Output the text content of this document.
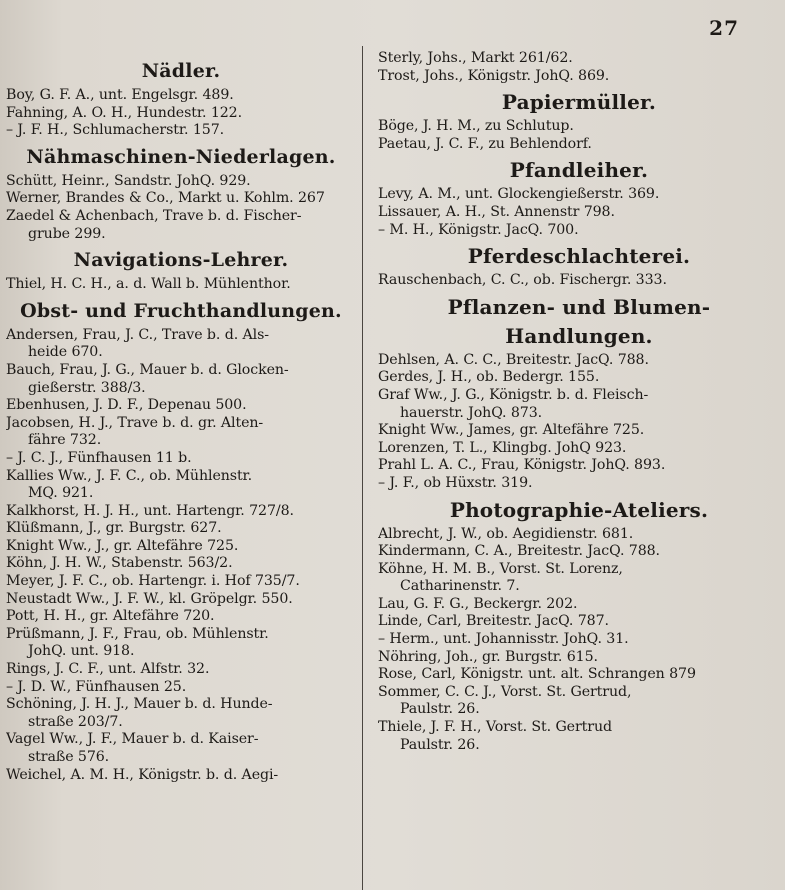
27
Nädler.
Boy, G. F. A., unt. Engelsgr. 489.
Fahning, A. O. H., Hundestr. 122.
– J. F. H., Schlumacherstr. 157.
Nähmaschinen-Niederlagen.
Schütt, Heinr., Sandstr. JohQ. 929.
Werner, Brandes & Co., Markt u. Kohlm. 267
Zaedel & Achenbach, Trave b. d. Fischer-
grube 299.
Navigations-Lehrer.
Thiel, H. C. H., a. d. Wall b. Mühlenthor.
Obst- und Fruchthandlungen.
Andersen, Frau, J. C., Trave b. d. Als-
heide 670.
Bauch, Frau, J. G., Mauer b. d. Glocken-
gießerstr. 388/3.
Ebenhusen, J. D. F., Depenau 500.
Jacobsen, H. J., Trave b. d. gr. Alten-
fähre 732.
– J. C. J., Fünfhausen 11 b.
Kallies Ww., J. F. C., ob. Mühlenstr.
MQ. 921.
Kalkhorst, H. J. H., unt. Hartengr. 727/8.
Klüßmann, J., gr. Burgstr. 627.
Knight Ww., J., gr. Altefähre 725.
Köhn, J. H. W., Stabenstr. 563/2.
Meyer, J. F. C., ob. Hartengr. i. Hof 735/7.
Neustadt Ww., J. F. W., kl. Gröpelgr. 550.
Pott, H. H., gr. Altefähre 720.
Prüßmann, J. F., Frau, ob. Mühlenstr.
JohQ. unt. 918.
Rings, J. C. F., unt. Alfstr. 32.
– J. D. W., Fünfhausen 25.
Schöning, J. H. J., Mauer b. d. Hunde-
straße 203/7.
Vagel Ww., J. F., Mauer b. d. Kaiser-
straße 576.
Weichel, A. M. H., Königstr. b. d. Aegi-
Sterly, Johs., Markt 261/62.
Trost, Johs., Königstr. JohQ. 869.
Papiermüller.
Böge, J. H. M., zu Schlutup.
Paetau, J. C. F., zu Behlendorf.
Pfandleiher.
Levy, A. M., unt. Glockengießerstr. 369.
Lissauer, A. H., St. Annenstr 798.
– M. H., Königstr. JacQ. 700.
Pferdeschlachterei.
Rauschenbach, C. C., ob. Fischergr. 333.
Pflanzen- und Blumen-
Handlungen.
Dehlsen, A. C. C., Breitestr. JacQ. 788.
Gerdes, J. H., ob. Bedergr. 155.
Graf Ww., J. G., Königstr. b. d. Fleisch-
hauerstr. JohQ. 873.
Knight Ww., James, gr. Altefähre 725.
Lorenzen, T. L., Klingbg. JohQ 923.
Prahl L. A. C., Frau, Königstr. JohQ. 893.
– J. F., ob Hüxstr. 319.
Photographie-Ateliers.
Albrecht, J. W., ob. Aegidienstr. 681.
Kindermann, C. A., Breitestr. JacQ. 788.
Köhne, H. M. B., Vorst. St. Lorenz,
Catharinenstr. 7.
Lau, G. F. G., Beckergr. 202.
Linde, Carl, Breitestr. JacQ. 787.
– Herm., unt. Johannisstr. JohQ. 31.
Nöhring, Joh., gr. Burgstr. 615.
Rose, Carl, Königstr. unt. alt. Schrangen 879
Sommer, C. C. J., Vorst. St. Gertrud,
Paulstr. 26.
Thiele, J. F. H., Vorst. St. Gertrud
Paulstr. 26.
